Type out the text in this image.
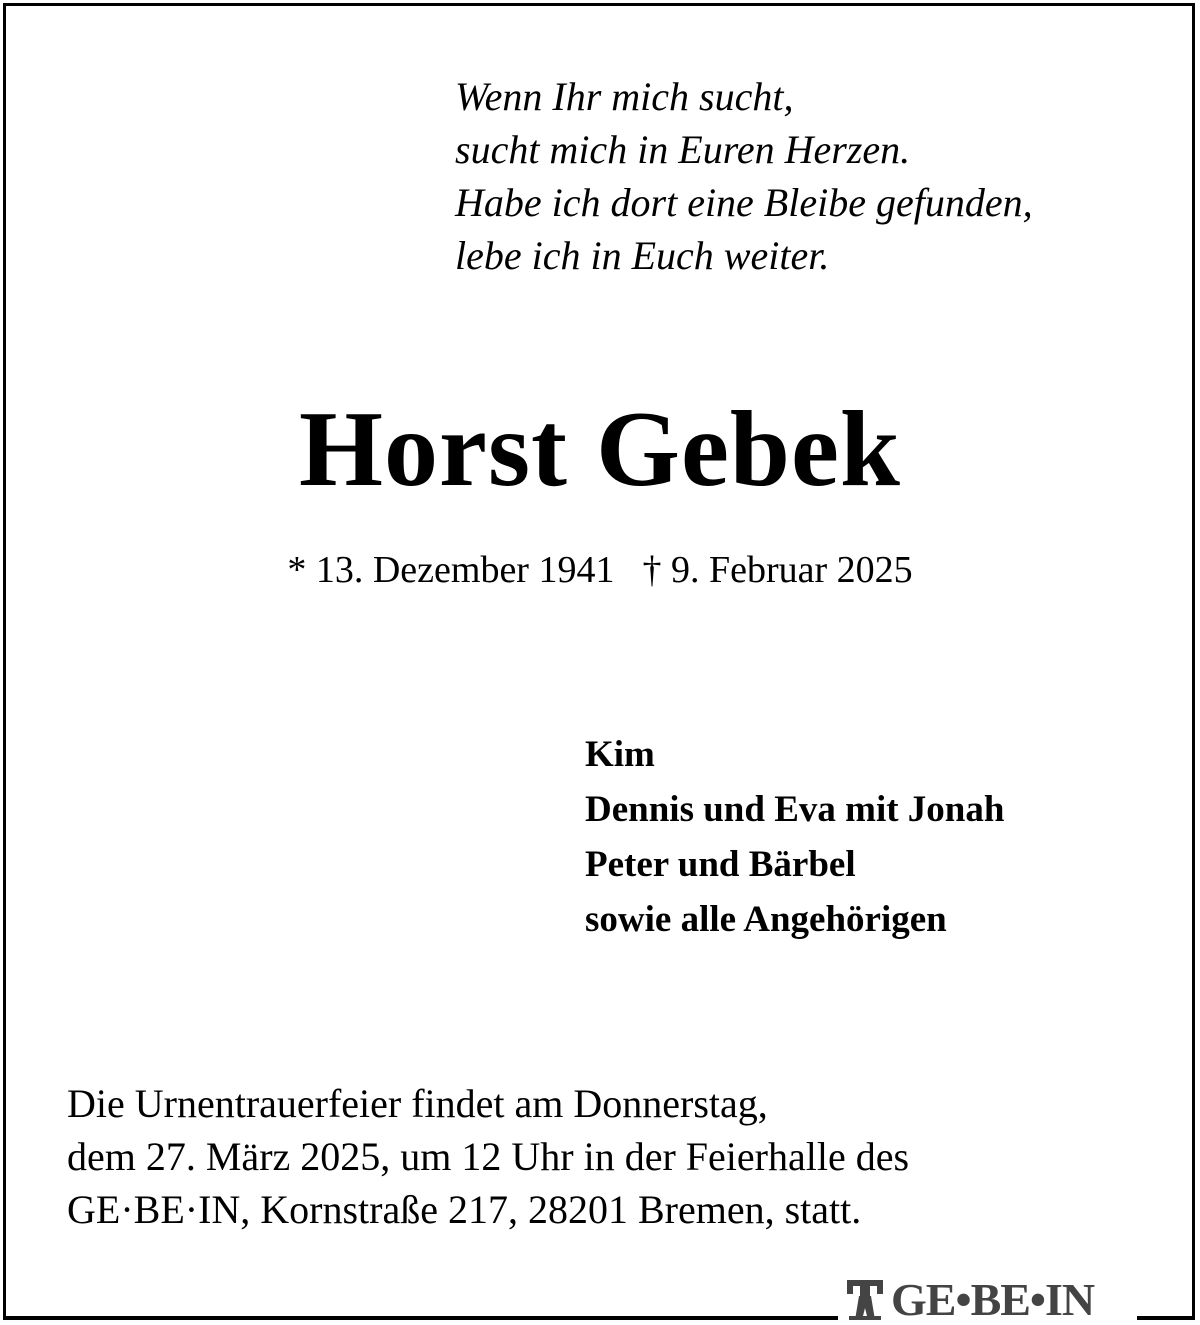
Wenn Ihr mich sucht,
sucht mich in Euren Herzen.
Habe ich dort eine Bleibe gefunden,
lebe ich in Euch weiter.
Horst Gebek
* 13. Dezember 1941 † 9. Februar 2025
Kim
Dennis und Eva mit Jonah
Peter und Bärbel
sowie alle Angehörigen
Die Urnentrauerfeier findet am Donnerstag,
dem 27. März 2025, um 12 Uhr in der Feierhalle des
GE·BE·IN, Kornstraße 217, 28201 Bremen, statt.
GE•BE•IN
